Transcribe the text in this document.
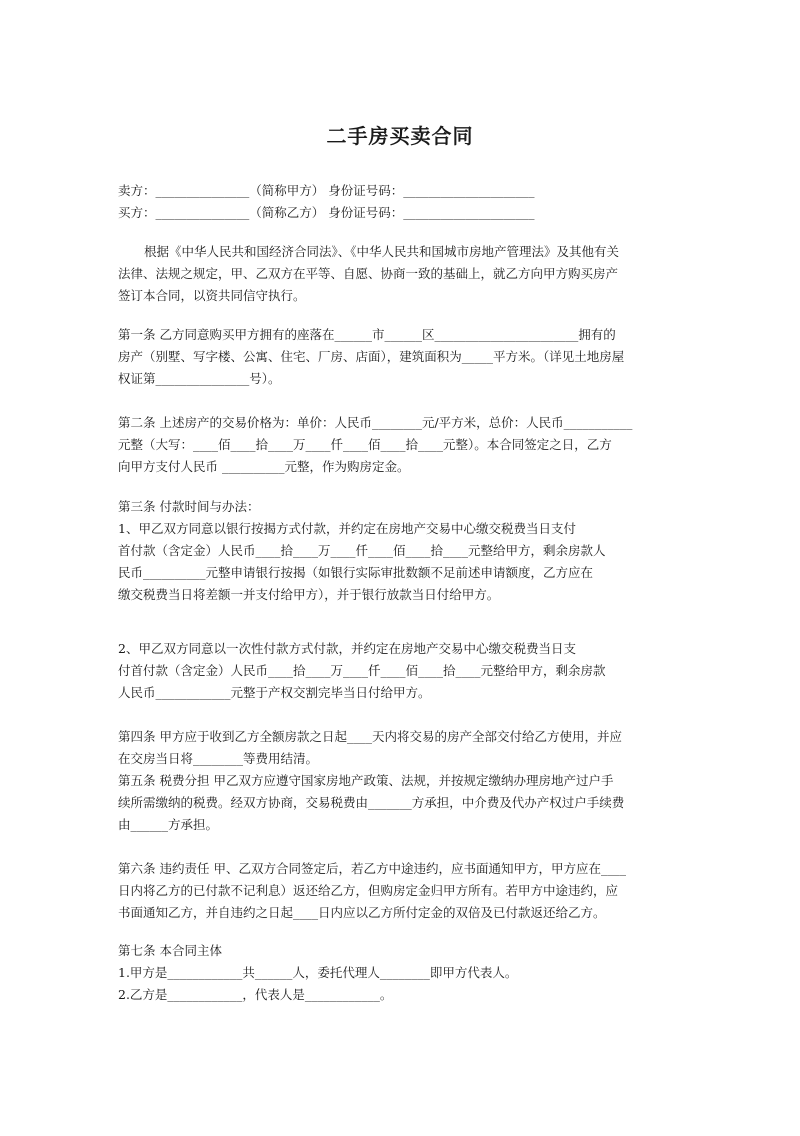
二手房买卖合同
卖方：_______________（简称甲方） 身份证号码：_____________________
买方：_______________（简称乙方） 身份证号码：_____________________
根据《中华人民共和国经济合同法》、《中华人民共和国城市房地产管理法》及其他有关
法律、法规之规定，甲、乙双方在平等、自愿、协商一致的基础上，就乙方向甲方购买房产
签订本合同，以资共同信守执行。
第一条 乙方同意购买甲方拥有的座落在______市______区_______________________拥有的
房产（别墅、写字楼、公寓、住宅、厂房、店面），建筑面积为_____平方米。（详见土地房屋
权证第_______________号）。
第二条 上述房产的交易价格为：单价：人民币________元/平方米，总价：人民币___________
元整（大写：____佰____拾____万____仟____佰____拾____元整）。本合同签定之日，乙方
向甲方支付人民币 __________元整，作为购房定金。
第三条 付款时间与办法：
1、甲乙双方同意以银行按揭方式付款，并约定在房地产交易中心缴交税费当日支付
首付款（含定金）人民币____拾____万____仟____佰____拾____元整给甲方，剩余房款人
民币__________元整申请银行按揭（如银行实际审批数额不足前述申请额度，乙方应在
缴交税费当日将差额一并支付给甲方），并于银行放款当日付给甲方。
2、甲乙双方同意以一次性付款方式付款，并约定在房地产交易中心缴交税费当日支
付首付款（含定金）人民币____拾____万____仟____佰____拾____元整给甲方，剩余房款
人民币____________元整于产权交割完毕当日付给甲方。
第四条 甲方应于收到乙方全额房款之日起____天内将交易的房产全部交付给乙方使用，并应
在交房当日将________等费用结清。
第五条 税费分担 甲乙双方应遵守国家房地产政策、法规，并按规定缴纳办理房地产过户手
续所需缴纳的税费。经双方协商，交易税费由_______方承担，中介费及代办产权过户手续费
由______方承担。
第六条 违约责任 甲、乙双方合同签定后，若乙方中途违约，应书面通知甲方，甲方应在____
日内将乙方的已付款不记利息）返还给乙方，但购房定金归甲方所有。若甲方中途违约，应
书面通知乙方，并自违约之日起____日内应以乙方所付定金的双倍及已付款返还给乙方。
第七条 本合同主体
1.甲方是____________共______人，委托代理人________即甲方代表人。
2.乙方是____________，代表人是____________。
